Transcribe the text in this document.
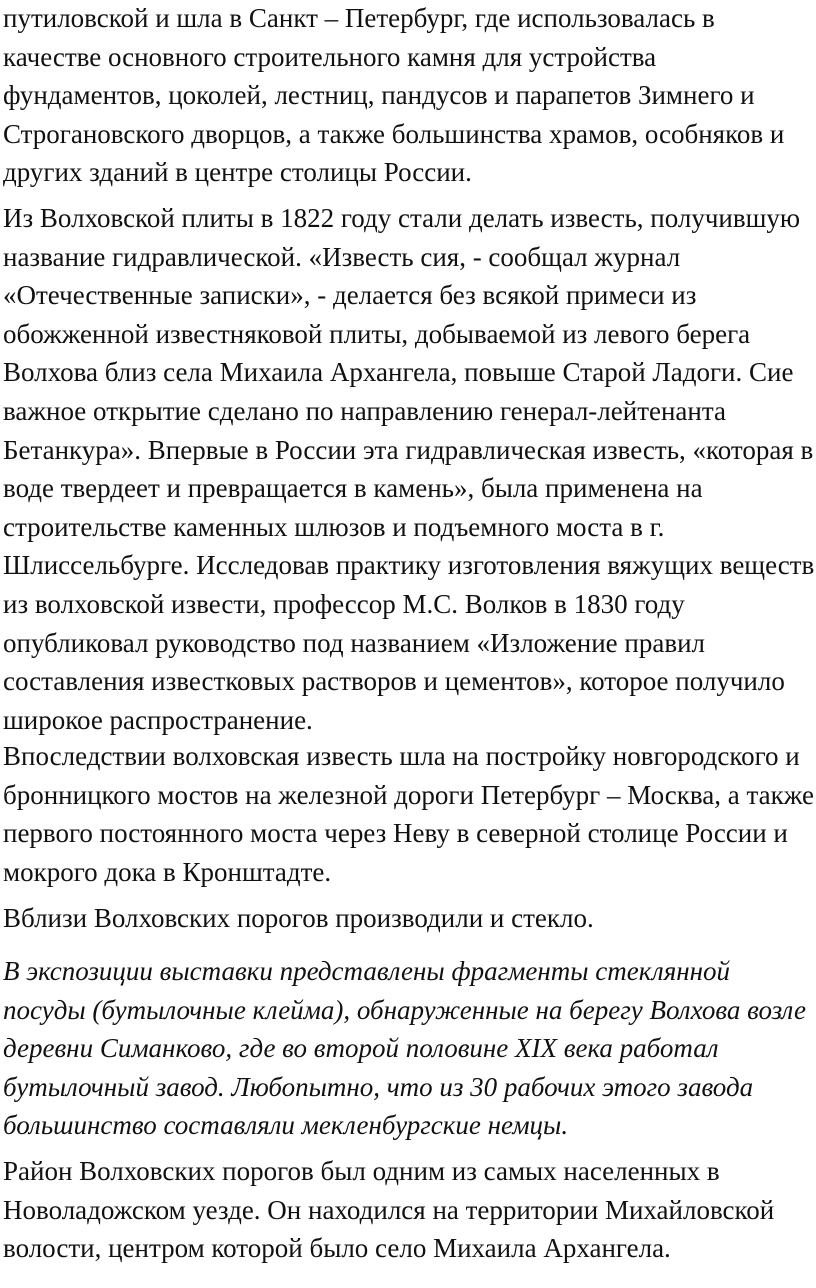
путиловской и шла в Санкт – Петербург, где использовалась в качестве основного строительного камня для устройства фундаментов, цоколей, лестниц, пандусов и парапетов Зимнего и Строгановского дворцов, а также большинства храмов, особняков и других зданий в центре столицы России.

Из Волховской плиты в 1822 году стали делать известь, получившую название гидравлической. «Известь сия, - сообщал журнал «Отечественные записки», - делается без всякой примеси из обожженной известняковой плиты, добываемой из левого берега Волхова близ села Михаила Архангела, повыше Старой Ладоги. Сие важное открытие сделано по направлению генерал-лейтенанта Бетанкура». Впервые в России эта гидравлическая известь, «которая в воде твердеет и превращается в камень», была применена на строительстве каменных шлюзов и подъемного моста в г. Шлиссельбурге. Исследовав практику изготовления вяжущих веществ из волховской извести, профессор М.С. Волков в 1830 году опубликовал руководство под названием «Изложение правил составления известковых растворов и цементов», которое получило широкое распространение.

Впоследствии волховская известь шла на постройку новгородского и бронницкого мостов на железной дороги Петербург – Москва, а также первого постоянного моста через Неву в северной столице России и мокрого дока в Кронштадте.

Вблизи Волховских порогов производили и стекло.

В экспозиции выставки представлены фрагменты стеклянной посуды (бутылочные клейма), обнаруженные на берегу Волхова возле деревни Симанково, где во второй половине XIX века работал бутылочный завод. Любопытно, что из 30 рабочих этого завода большинство составляли мекленбургские немцы.

Район Волховских порогов был одним из самых населенных в Новоладожском уезде. Он находился на территории Михайловской волости, центром которой было село Михаила Архангела.
